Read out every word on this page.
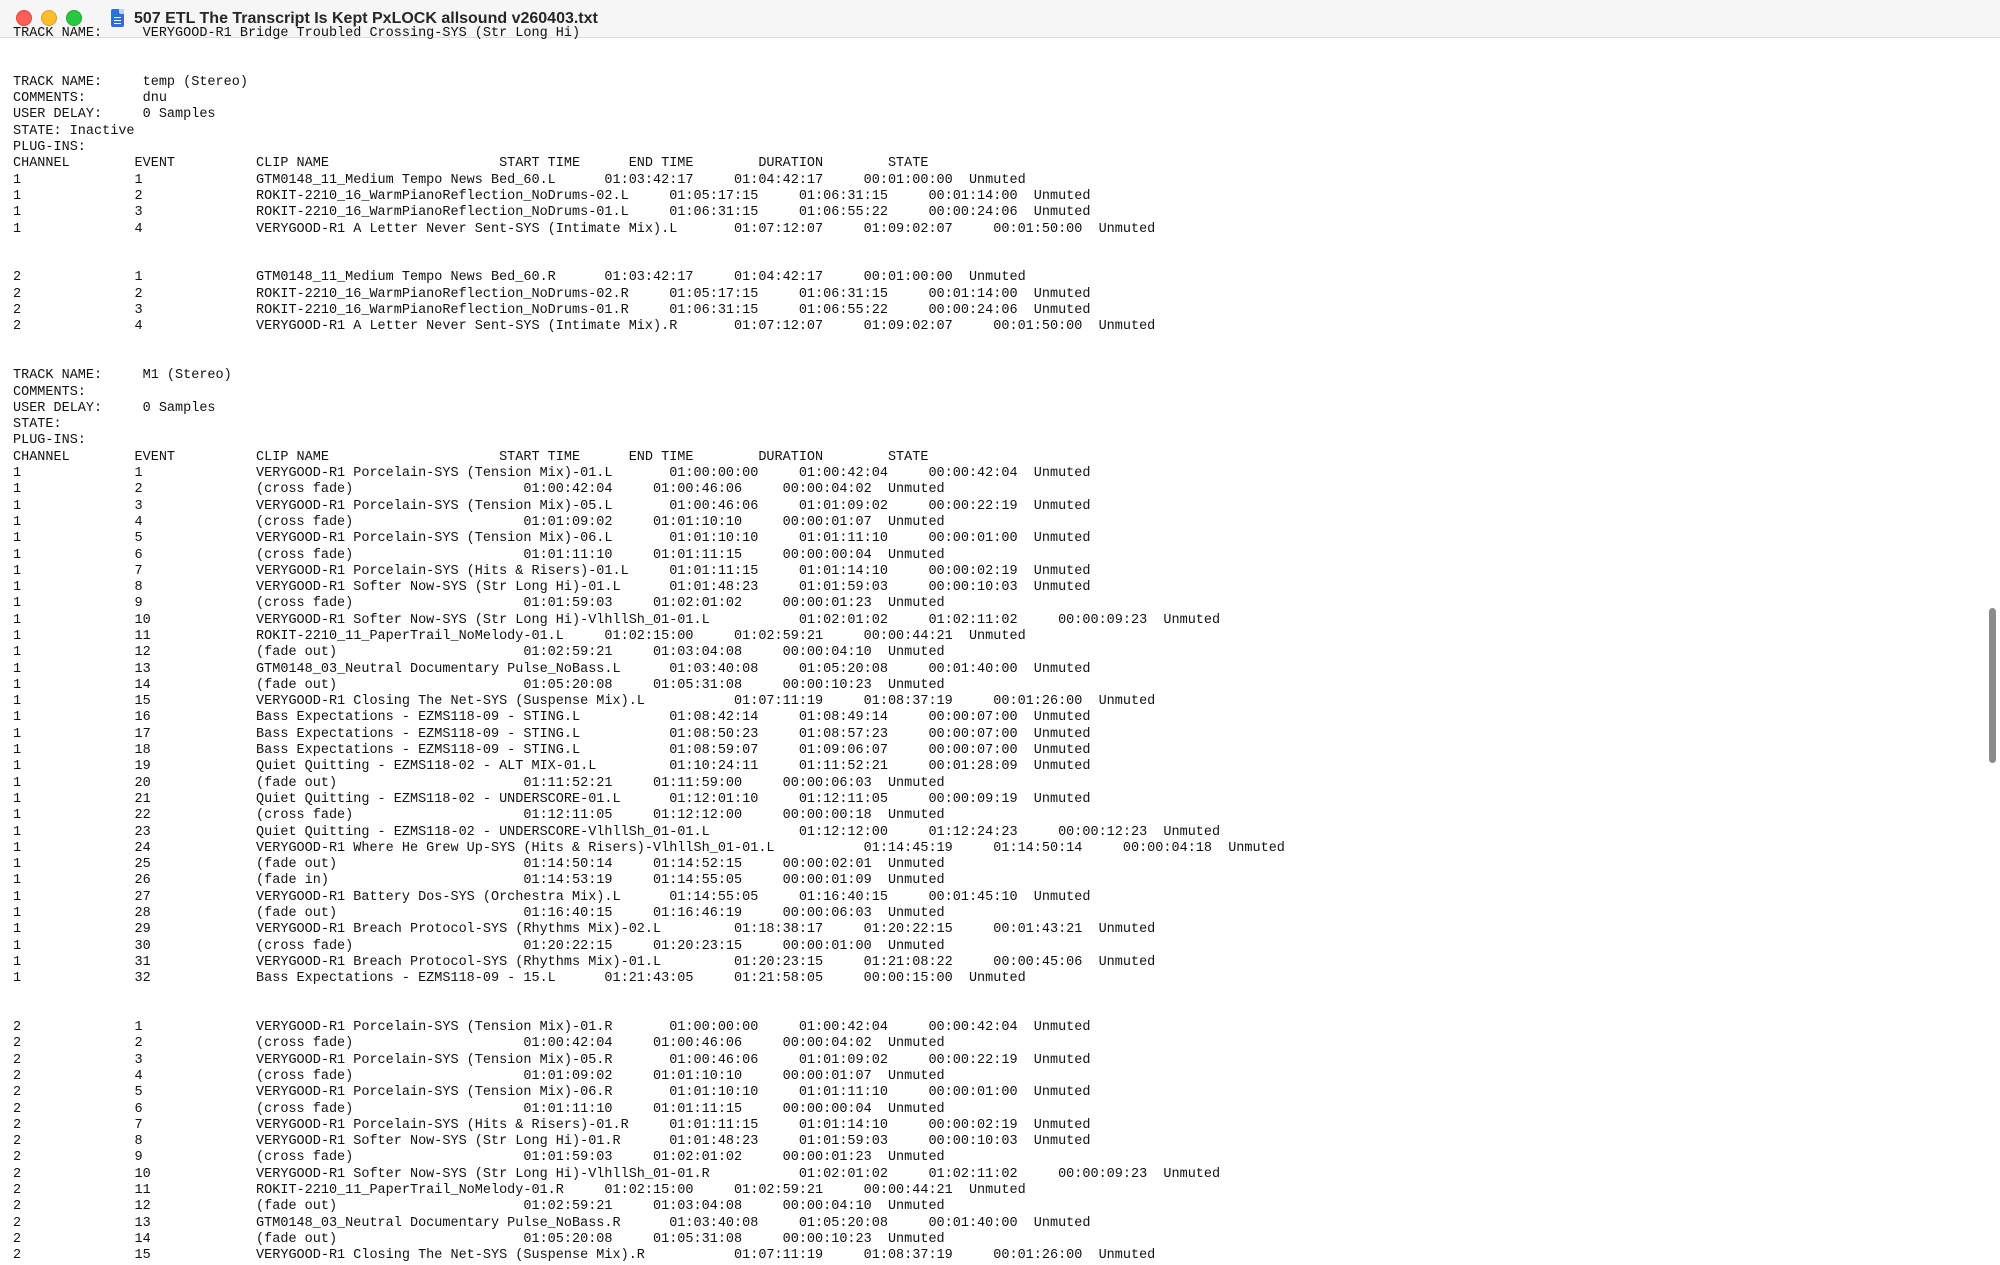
507 ETL The Transcript Is Kept PxLOCK allsound v260403.txt
TRACK NAME:     VERYGOOD-R1 Bridge Troubled Crossing-SYS (Str Long Hi)
TRACK NAME:     temp (Stereo)
COMMENTS:       dnu
USER DELAY:     0 Samples
STATE: Inactive
PLUG-INS:
CHANNEL        EVENT          CLIP NAME                     START TIME      END TIME        DURATION        STATE
1              1              GTM0148_11_Medium Tempo News Bed_60.L      01:03:42:17     01:04:42:17     00:01:00:00  Unmuted
1              2              ROKIT-2210_16_WarmPianoReflection_NoDrums-02.L     01:05:17:15     01:06:31:15     00:01:14:00  Unmuted
1              3              ROKIT-2210_16_WarmPianoReflection_NoDrums-01.L     01:06:31:15     01:06:55:22     00:00:24:06  Unmuted
1              4              VERYGOOD-R1 A Letter Never Sent-SYS (Intimate Mix).L       01:07:12:07     01:09:02:07     00:01:50:00  Unmuted
2              1              GTM0148_11_Medium Tempo News Bed_60.R      01:03:42:17     01:04:42:17     00:01:00:00  Unmuted
2              2              ROKIT-2210_16_WarmPianoReflection_NoDrums-02.R     01:05:17:15     01:06:31:15     00:01:14:00  Unmuted
2              3              ROKIT-2210_16_WarmPianoReflection_NoDrums-01.R     01:06:31:15     01:06:55:22     00:00:24:06  Unmuted
2              4              VERYGOOD-R1 A Letter Never Sent-SYS (Intimate Mix).R       01:07:12:07     01:09:02:07     00:01:50:00  Unmuted
TRACK NAME:     M1 (Stereo)
COMMENTS:
USER DELAY:     0 Samples
STATE:
PLUG-INS:
CHANNEL        EVENT          CLIP NAME                     START TIME      END TIME        DURATION        STATE
1              1              VERYGOOD-R1 Porcelain-SYS (Tension Mix)-01.L       01:00:00:00     01:00:42:04     00:00:42:04  Unmuted
1              2              (cross fade)                     01:00:42:04     01:00:46:06     00:00:04:02  Unmuted
1              3              VERYGOOD-R1 Porcelain-SYS (Tension Mix)-05.L       01:00:46:06     01:01:09:02     00:00:22:19  Unmuted
1              4              (cross fade)                     01:01:09:02     01:01:10:10     00:00:01:07  Unmuted
1              5              VERYGOOD-R1 Porcelain-SYS (Tension Mix)-06.L       01:01:10:10     01:01:11:10     00:00:01:00  Unmuted
1              6              (cross fade)                     01:01:11:10     01:01:11:15     00:00:00:04  Unmuted
1              7              VERYGOOD-R1 Porcelain-SYS (Hits & Risers)-01.L     01:01:11:15     01:01:14:10     00:00:02:19  Unmuted
1              8              VERYGOOD-R1 Softer Now-SYS (Str Long Hi)-01.L      01:01:48:23     01:01:59:03     00:00:10:03  Unmuted
1              9              (cross fade)                     01:01:59:03     01:02:01:02     00:00:01:23  Unmuted
1              10             VERYGOOD-R1 Softer Now-SYS (Str Long Hi)-VlhllSh_01-01.L           01:02:01:02     01:02:11:02     00:00:09:23  Unmuted
1              11             ROKIT-2210_11_PaperTrail_NoMelody-01.L     01:02:15:00     01:02:59:21     00:00:44:21  Unmuted
1              12             (fade out)                       01:02:59:21     01:03:04:08     00:00:04:10  Unmuted
1              13             GTM0148_03_Neutral Documentary Pulse_NoBass.L      01:03:40:08     01:05:20:08     00:01:40:00  Unmuted
1              14             (fade out)                       01:05:20:08     01:05:31:08     00:00:10:23  Unmuted
1              15             VERYGOOD-R1 Closing The Net-SYS (Suspense Mix).L           01:07:11:19     01:08:37:19     00:01:26:00  Unmuted
1              16             Bass Expectations - EZMS118-09 - STING.L           01:08:42:14     01:08:49:14     00:00:07:00  Unmuted
1              17             Bass Expectations - EZMS118-09 - STING.L           01:08:50:23     01:08:57:23     00:00:07:00  Unmuted
1              18             Bass Expectations - EZMS118-09 - STING.L           01:08:59:07     01:09:06:07     00:00:07:00  Unmuted
1              19             Quiet Quitting - EZMS118-02 - ALT MIX-01.L         01:10:24:11     01:11:52:21     00:01:28:09  Unmuted
1              20             (fade out)                       01:11:52:21     01:11:59:00     00:00:06:03  Unmuted
1              21             Quiet Quitting - EZMS118-02 - UNDERSCORE-01.L      01:12:01:10     01:12:11:05     00:00:09:19  Unmuted
1              22             (cross fade)                     01:12:11:05     01:12:12:00     00:00:00:18  Unmuted
1              23             Quiet Quitting - EZMS118-02 - UNDERSCORE-VlhllSh_01-01.L           01:12:12:00     01:12:24:23     00:00:12:23  Unmuted
1              24             VERYGOOD-R1 Where He Grew Up-SYS (Hits & Risers)-VlhllSh_01-01.L           01:14:45:19     01:14:50:14     00:00:04:18  Unmuted
1              25             (fade out)                       01:14:50:14     01:14:52:15     00:00:02:01  Unmuted
1              26             (fade in)                        01:14:53:19     01:14:55:05     00:00:01:09  Unmuted
1              27             VERYGOOD-R1 Battery Dos-SYS (Orchestra Mix).L      01:14:55:05     01:16:40:15     00:01:45:10  Unmuted
1              28             (fade out)                       01:16:40:15     01:16:46:19     00:00:06:03  Unmuted
1              29             VERYGOOD-R1 Breach Protocol-SYS (Rhythms Mix)-02.L         01:18:38:17     01:20:22:15     00:01:43:21  Unmuted
1              30             (cross fade)                     01:20:22:15     01:20:23:15     00:00:01:00  Unmuted
1              31             VERYGOOD-R1 Breach Protocol-SYS (Rhythms Mix)-01.L         01:20:23:15     01:21:08:22     00:00:45:06  Unmuted
1              32             Bass Expectations - EZMS118-09 - 15.L      01:21:43:05     01:21:58:05     00:00:15:00  Unmuted
2              1              VERYGOOD-R1 Porcelain-SYS (Tension Mix)-01.R       01:00:00:00     01:00:42:04     00:00:42:04  Unmuted
2              2              (cross fade)                     01:00:42:04     01:00:46:06     00:00:04:02  Unmuted
2              3              VERYGOOD-R1 Porcelain-SYS (Tension Mix)-05.R       01:00:46:06     01:01:09:02     00:00:22:19  Unmuted
2              4              (cross fade)                     01:01:09:02     01:01:10:10     00:00:01:07  Unmuted
2              5              VERYGOOD-R1 Porcelain-SYS (Tension Mix)-06.R       01:01:10:10     01:01:11:10     00:00:01:00  Unmuted
2              6              (cross fade)                     01:01:11:10     01:01:11:15     00:00:00:04  Unmuted
2              7              VERYGOOD-R1 Porcelain-SYS (Hits & Risers)-01.R     01:01:11:15     01:01:14:10     00:00:02:19  Unmuted
2              8              VERYGOOD-R1 Softer Now-SYS (Str Long Hi)-01.R      01:01:48:23     01:01:59:03     00:00:10:03  Unmuted
2              9              (cross fade)                     01:01:59:03     01:02:01:02     00:00:01:23  Unmuted
2              10             VERYGOOD-R1 Softer Now-SYS (Str Long Hi)-VlhllSh_01-01.R           01:02:01:02     01:02:11:02     00:00:09:23  Unmuted
2              11             ROKIT-2210_11_PaperTrail_NoMelody-01.R     01:02:15:00     01:02:59:21     00:00:44:21  Unmuted
2              12             (fade out)                       01:02:59:21     01:03:04:08     00:00:04:10  Unmuted
2              13             GTM0148_03_Neutral Documentary Pulse_NoBass.R      01:03:40:08     01:05:20:08     00:01:40:00  Unmuted
2              14             (fade out)                       01:05:20:08     01:05:31:08     00:00:10:23  Unmuted
2              15             VERYGOOD-R1 Closing The Net-SYS (Suspense Mix).R           01:07:11:19     01:08:37:19     00:01:26:00  Unmuted
